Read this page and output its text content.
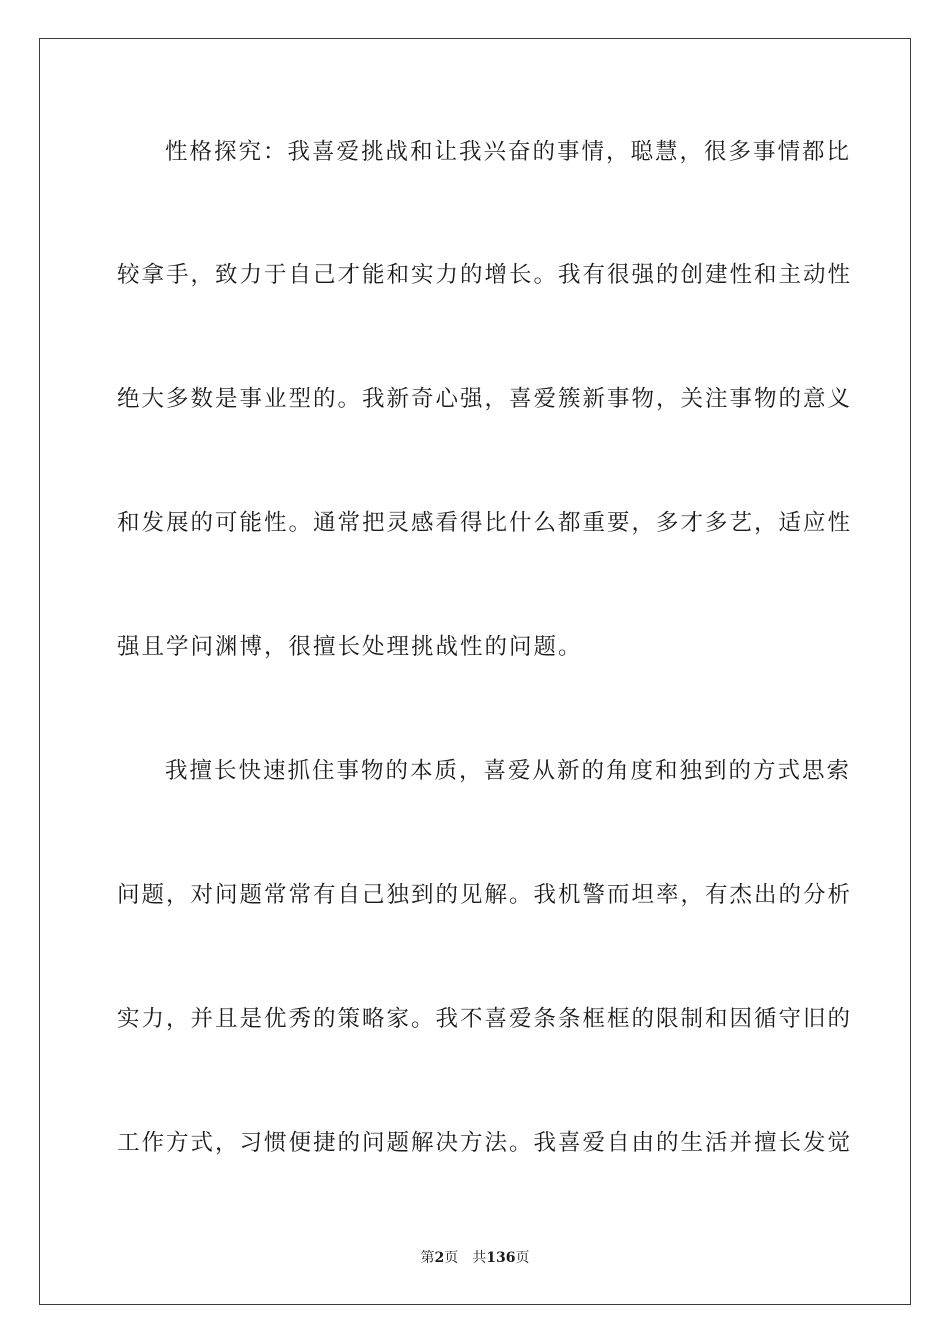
性格探究：我喜爱挑战和让我兴奋的事情，聪慧，很多事情都比
较拿手，致力于自己才能和实力的增长。我有很强的创建性和主动性
绝大多数是事业型的。我新奇心强，喜爱簇新事物，关注事物的意义
和发展的可能性。通常把灵感看得比什么都重要，多才多艺，适应性
强且学问渊博，很擅长处理挑战性的问题。
我擅长快速抓住事物的本质，喜爱从新的角度和独到的方式思索
问题，对问题常常有自己独到的见解。我机警而坦率，有杰出的分析
实力，并且是优秀的策略家。我不喜爱条条框框的限制和因循守旧的
工作方式，习惯便捷的问题解决方法。我喜爱自由的生活并擅长发觉
第2页 共136页
